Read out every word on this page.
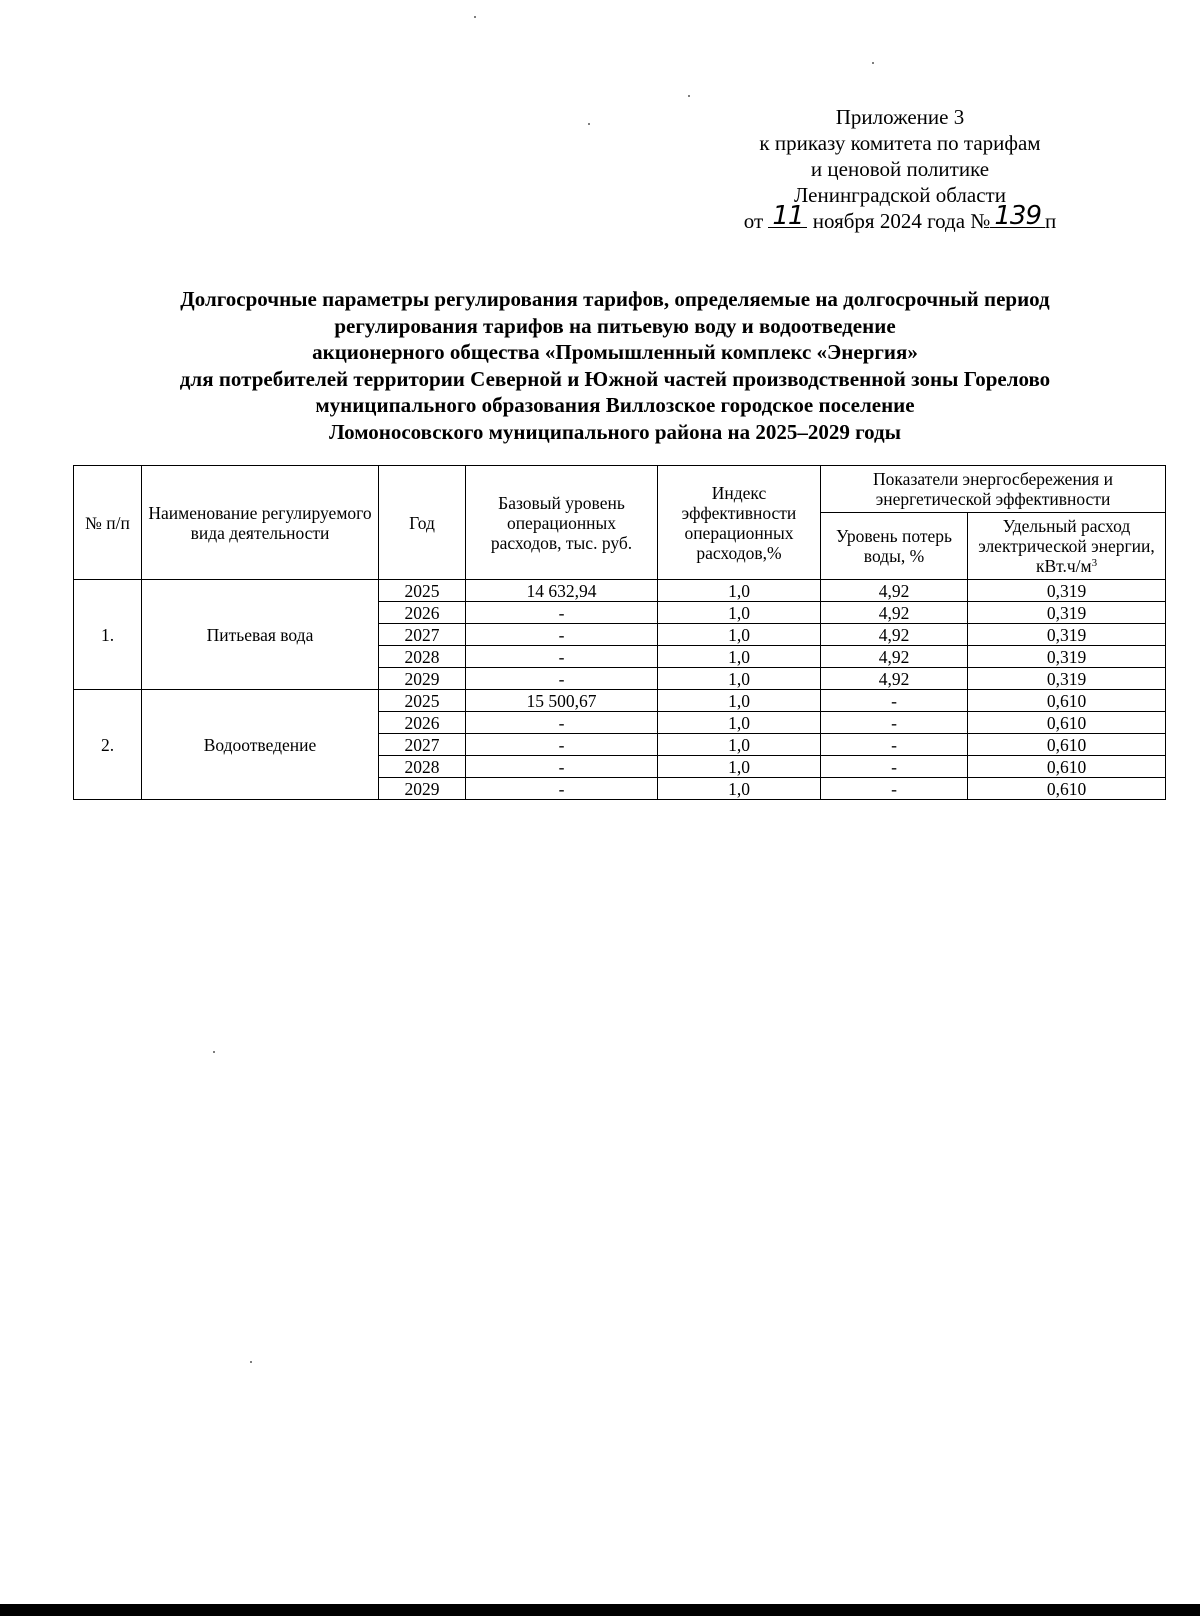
Приложение 3
к приказу комитета по тарифам
и ценовой политике
Ленинградской области
от 11 ноября 2024 года № 139 п
Долгосрочные параметры регулирования тарифов, определяемые на долгосрочный период
регулирования тарифов на питьевую воду и водоотведение
акционерного общества «Промышленный комплекс «Энергия»
для потребителей территории Северной и Южной частей производственной зоны Горелово
муниципального образования Виллозское городское поселение
Ломоносовского муниципального района на 2025–2029 годы
№ п/п	Наименование регулируемого вида деятельности	Год	Базовый уровень операционных расходов, тыс. руб.	Индекс эффективности операционных расходов,%	Показатели энергосбережения и энергетической эффективности	
					Уровень потерь воды, %	Удельный расход электрической энергии, $кВт.ч/м^3$
1.	Питьевая вода	2025	14 632,94	1,0	4,92	0,319
		2026	-	1,0	4,92	0,319
		2027	-	1,0	4,92	0,319
		2028	-	1,0	4,92	0,319
		2029	-	1,0	4,92	0,319
2.	Водоотведение	2025	15 500,67	1,0	-	0,610
		2026	-	1,0	-	0,610
		2027	-	1,0	-	0,610
		2028	-	1,0	-	0,610
		2029	-	1,0	-	0,610
